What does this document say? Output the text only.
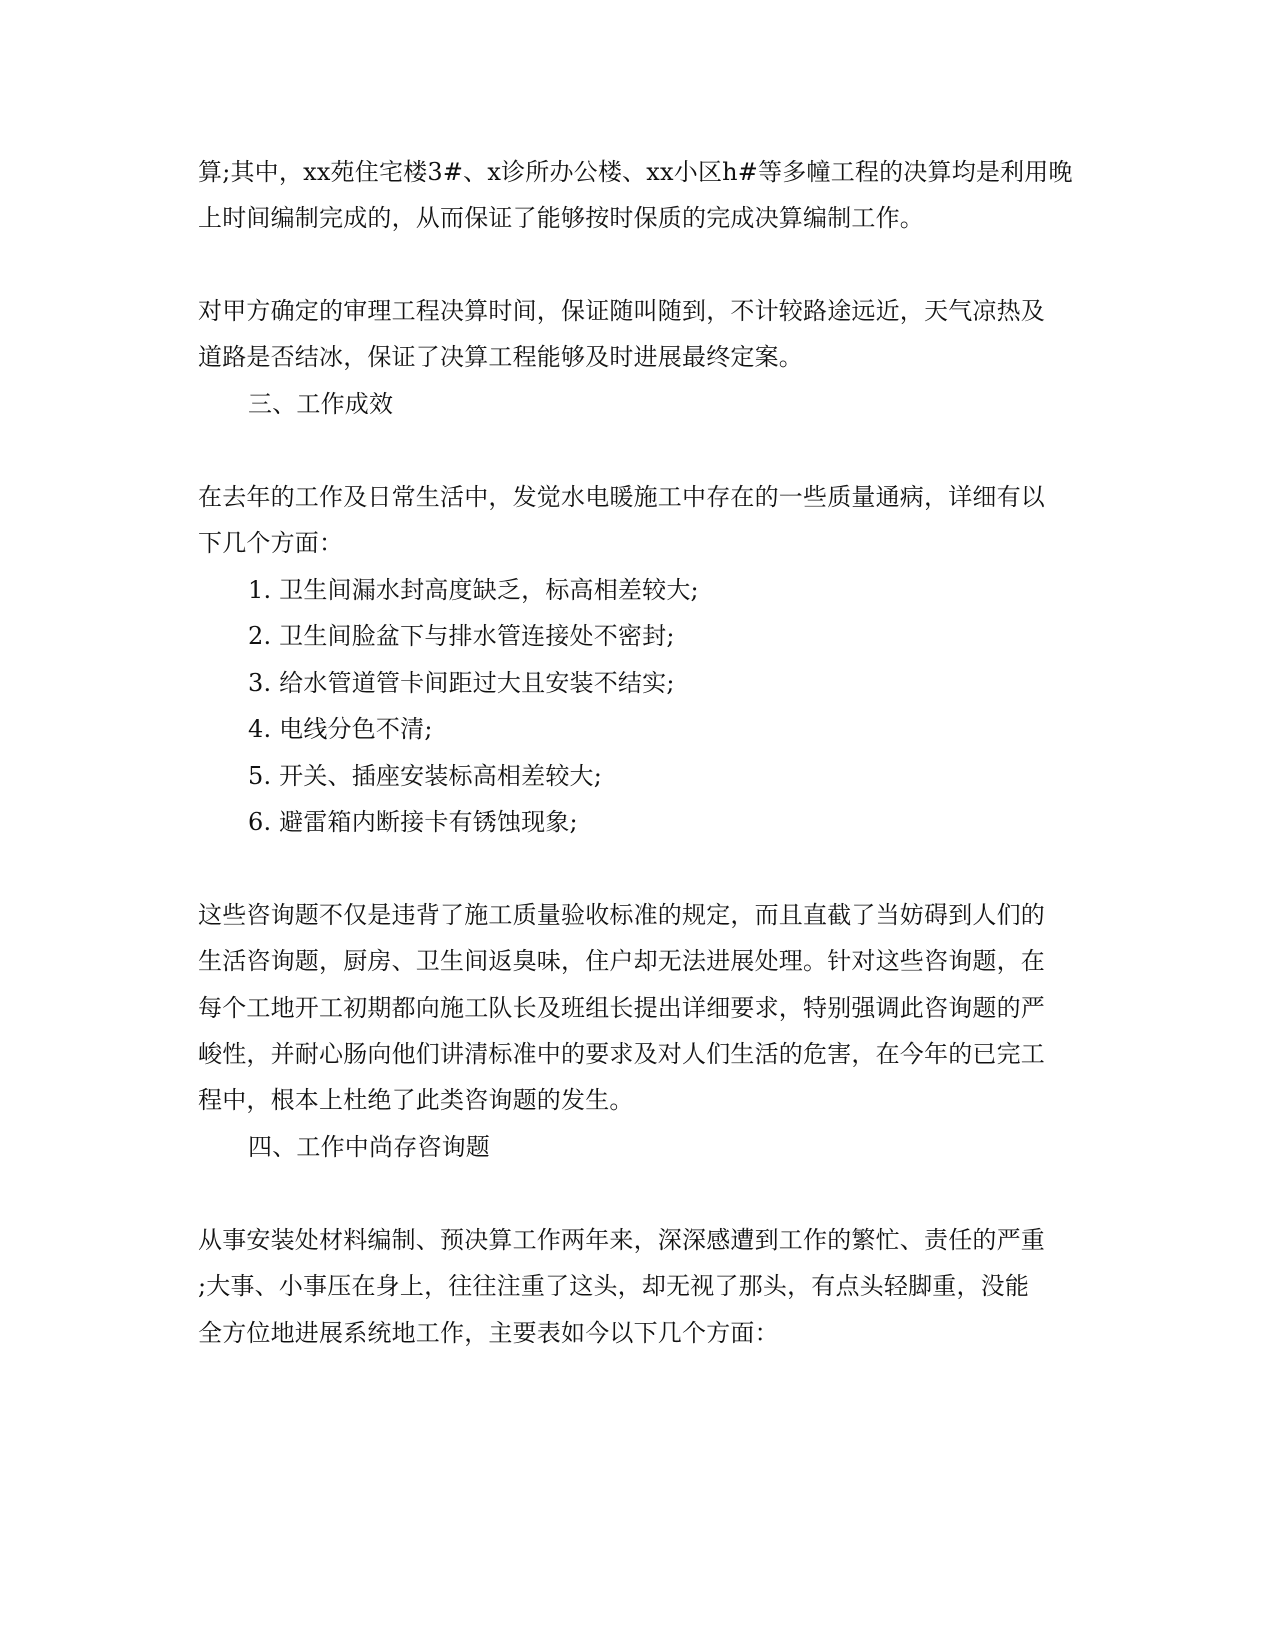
算;其中，xx苑住宅楼3#、x诊所办公楼、xx小区h#等多幢工程的决算均是利用晚
上时间编制完成的，从而保证了能够按时保质的完成决算编制工作。
对甲方确定的审理工程决算时间，保证随叫随到，不计较路途远近，天气凉热及
道路是否结冰，保证了决算工程能够及时进展最终定案。
三、工作成效
在去年的工作及日常生活中，发觉水电暖施工中存在的一些质量通病，详细有以
下几个方面：
1. 卫生间漏水封高度缺乏，标高相差较大;
2. 卫生间脸盆下与排水管连接处不密封;
3. 给水管道管卡间距过大且安装不结实;
4. 电线分色不清;
5. 开关、插座安装标高相差较大;
6. 避雷箱内断接卡有锈蚀现象;
这些咨询题不仅是违背了施工质量验收标准的规定，而且直截了当妨碍到人们的
生活咨询题，厨房、卫生间返臭味，住户却无法进展处理。针对这些咨询题，在
每个工地开工初期都向施工队长及班组长提出详细要求，特别强调此咨询题的严
峻性，并耐心肠向他们讲清标准中的要求及对人们生活的危害，在今年的已完工
程中，根本上杜绝了此类咨询题的发生。
四、工作中尚存咨询题
从事安装处材料编制、预决算工作两年来，深深感遭到工作的繁忙、责任的严重
;大事、小事压在身上，往往注重了这头，却无视了那头，有点头轻脚重，没能
全方位地进展系统地工作，主要表如今以下几个方面：
